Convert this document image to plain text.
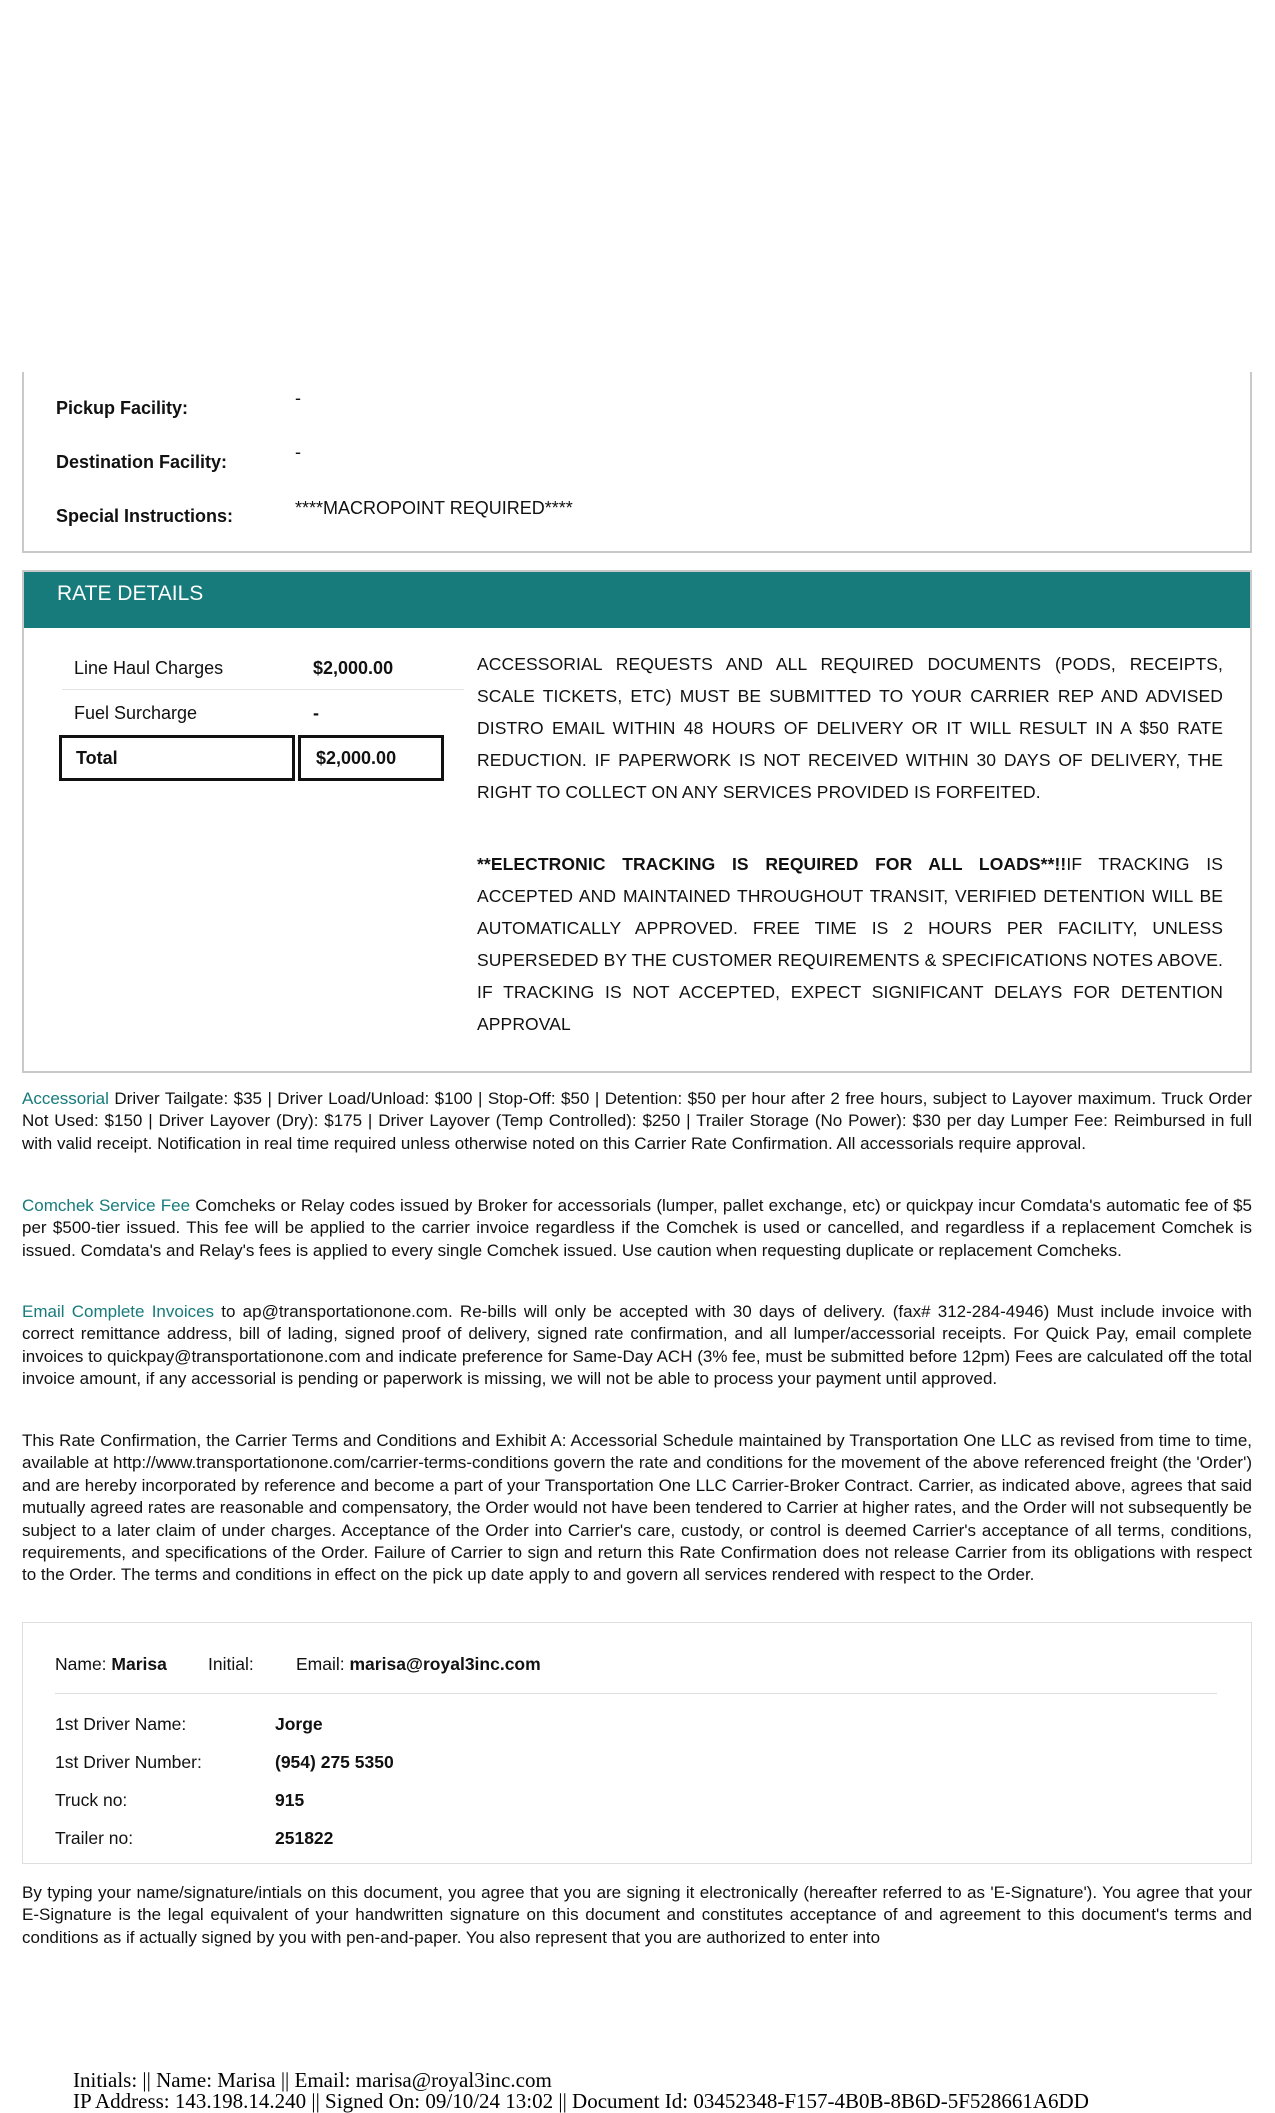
Pickup Facility:	-
Destination Facility:	-
Special Instructions:	****MACROPOINT REQUIRED****
RATE DETAILS
Line Haul Charges	$2,000.00
Fuel Surcharge	-
Total	$2,000.00
ACCESSORIAL REQUESTS AND ALL REQUIRED DOCUMENTS (PODS, RECEIPTS, SCALE TICKETS, ETC) MUST BE SUBMITTED TO YOUR CARRIER REP AND ADVISED DISTRO EMAIL WITHIN 48 HOURS OF DELIVERY OR IT WILL RESULT IN A $50 RATE REDUCTION. IF PAPERWORK IS NOT RECEIVED WITHIN 30 DAYS OF DELIVERY, THE RIGHT TO COLLECT ON ANY SERVICES PROVIDED IS FORFEITED.
**ELECTRONIC TRACKING IS REQUIRED FOR ALL LOADS**!!IF TRACKING IS ACCEPTED AND MAINTAINED THROUGHOUT TRANSIT, VERIFIED DETENTION WILL BE AUTOMATICALLY APPROVED. FREE TIME IS 2 HOURS PER FACILITY, UNLESS SUPERSEDED BY THE CUSTOMER REQUIREMENTS & SPECIFICATIONS NOTES ABOVE. IF TRACKING IS NOT ACCEPTED, EXPECT SIGNIFICANT DELAYS FOR DETENTION APPROVAL
Accessorial Driver Tailgate: $35 | Driver Load/Unload: $100 | Stop-Off: $50 | Detention: $50 per hour after 2 free hours, subject to Layover maximum. Truck Order Not Used: $150 | Driver Layover (Dry): $175 | Driver Layover (Temp Controlled): $250 | Trailer Storage (No Power): $30 per day Lumper Fee: Reimbursed in full with valid receipt. Notification in real time required unless otherwise noted on this Carrier Rate Confirmation. All accessorials require approval.
Comchek Service Fee Comcheks or Relay codes issued by Broker for accessorials (lumper, pallet exchange, etc) or quickpay incur Comdata's automatic fee of $5 per $500-tier issued. This fee will be applied to the carrier invoice regardless if the Comchek is used or cancelled, and regardless if a replacement Comchek is issued. Comdata's and Relay's fees is applied to every single Comchek issued. Use caution when requesting duplicate or replacement Comcheks.
Email Complete Invoices to ap@transportationone.com. Re-bills will only be accepted with 30 days of delivery. (fax# 312-284-4946) Must include invoice with correct remittance address, bill of lading, signed proof of delivery, signed rate confirmation, and all lumper/accessorial receipts. For Quick Pay, email complete invoices to quickpay@transportationone.com and indicate preference for Same-Day ACH (3% fee, must be submitted before 12pm) Fees are calculated off the total invoice amount, if any accessorial is pending or paperwork is missing, we will not be able to process your payment until approved.
This Rate Confirmation, the Carrier Terms and Conditions and Exhibit A: Accessorial Schedule maintained by Transportation One LLC as revised from time to time, available at http://www.transportationone.com/carrier-terms-conditions govern the rate and conditions for the movement of the above referenced freight (the 'Order') and are hereby incorporated by reference and become a part of your Transportation One LLC Carrier-Broker Contract. Carrier, as indicated above, agrees that said mutually agreed rates are reasonable and compensatory, the Order would not have been tendered to Carrier at higher rates, and the Order will not subsequently be subject to a later claim of under charges. Acceptance of the Order into Carrier's care, custody, or control is deemed Carrier's acceptance of all terms, conditions, requirements, and specifications of the Order. Failure of Carrier to sign and return this Rate Confirmation does not release Carrier from its obligations with respect to the Order. The terms and conditions in effect on the pick up date apply to and govern all services rendered with respect to the Order.
Name: Marisa Initial: Email: marisa@royal3inc.com
1st Driver Name:	Jorge
1st Driver Number:	(954) 275 5350
Truck no:	915
Trailer no:	251822
By typing your name/signature/intials on this document, you agree that you are signing it electronically (hereafter referred to as 'E-Signature'). You agree that your E-Signature is the legal equivalent of your handwritten signature on this document and constitutes acceptance of and agreement to this document's terms and conditions as if actually signed by you with pen-and-paper. You also represent that you are authorized to enter into
Initials: || Name: Marisa || Email: marisa@royal3inc.com
IP Address: 143.198.14.240 || Signed On: 09/10/24 13:02 || Document Id: 03452348-F157-4B0B-8B6D-5F528661A6DD
